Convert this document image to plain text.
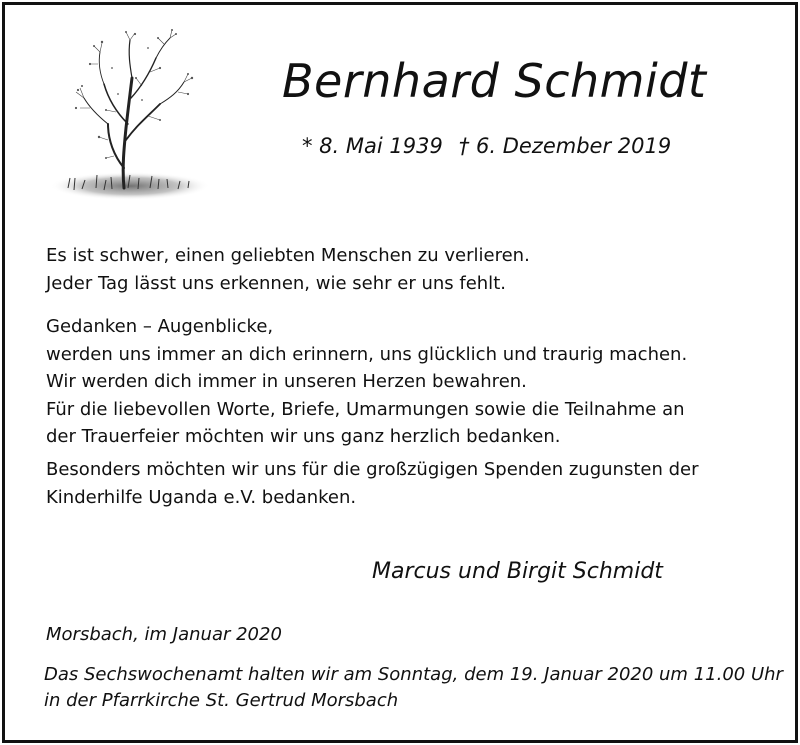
Bernhard Schmidt
* 8. Mai 1939 † 6. Dezember 2019
Es ist schwer, einen geliebten Menschen zu verlieren.
Jeder Tag lässt uns erkennen, wie sehr er uns fehlt.
Gedanken – Augenblicke,
werden uns immer an dich erinnern, uns glücklich und traurig machen.
Wir werden dich immer in unseren Herzen bewahren.
Für die liebevollen Worte, Briefe, Umarmungen sowie die Teilnahme an
der Trauerfeier möchten wir uns ganz herzlich bedanken.
Besonders möchten wir uns für die großzügigen Spenden zugunsten der
Kinderhilfe Uganda e.V. bedanken.
Marcus und Birgit Schmidt
Morsbach, im Januar 2020
Das Sechswochenamt halten wir am Sonntag, dem 19. Januar 2020 um 11.00 Uhr
in der Pfarrkirche St. Gertrud Morsbach
